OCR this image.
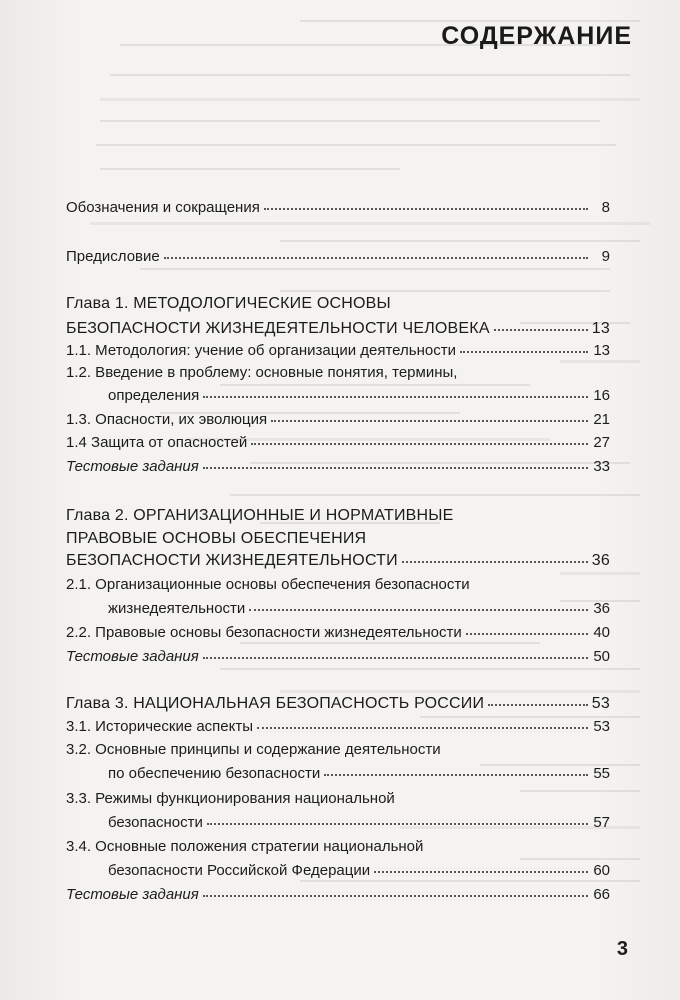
СОДЕРЖАНИЕ
Обозначения и сокращения	8
Предисловие	9
Глава 1. МЕТОДОЛОГИЧЕСКИЕ ОСНОВЫ
БЕЗОПАСНОСТИ ЖИЗНЕДЕЯТЕЛЬНОСТИ ЧЕЛОВЕКА	13
1.1. Методология: учение об организации деятельности	13
1.2. Введение в проблему: основные понятия, термины,
определения	16
1.3. Опасности, их эволюция	21
1.4 Защита от опасностей	27
Тестовые задания	33
Глава 2. ОРГАНИЗАЦИОННЫЕ И НОРМАТИВНЫЕ
ПРАВОВЫЕ ОСНОВЫ ОБЕСПЕЧЕНИЯ
БЕЗОПАСНОСТИ ЖИЗНЕДЕЯТЕЛЬНОСТИ	36
2.1. Организационные основы обеспечения безопасности
жизнедеятельности	36
2.2. Правовые основы безопасности жизнедеятельности	40
Тестовые задания	50
Глава 3. НАЦИОНАЛЬНАЯ БЕЗОПАСНОСТЬ РОССИИ	53
3.1. Исторические аспекты	53
3.2. Основные принципы и содержание деятельности
по обеспечению безопасности	55
3.3. Режимы функционирования национальной
безопасности	57
3.4. Основные положения стратегии национальной
безопасности Российской Федерации	60
Тестовые задания	66
3
